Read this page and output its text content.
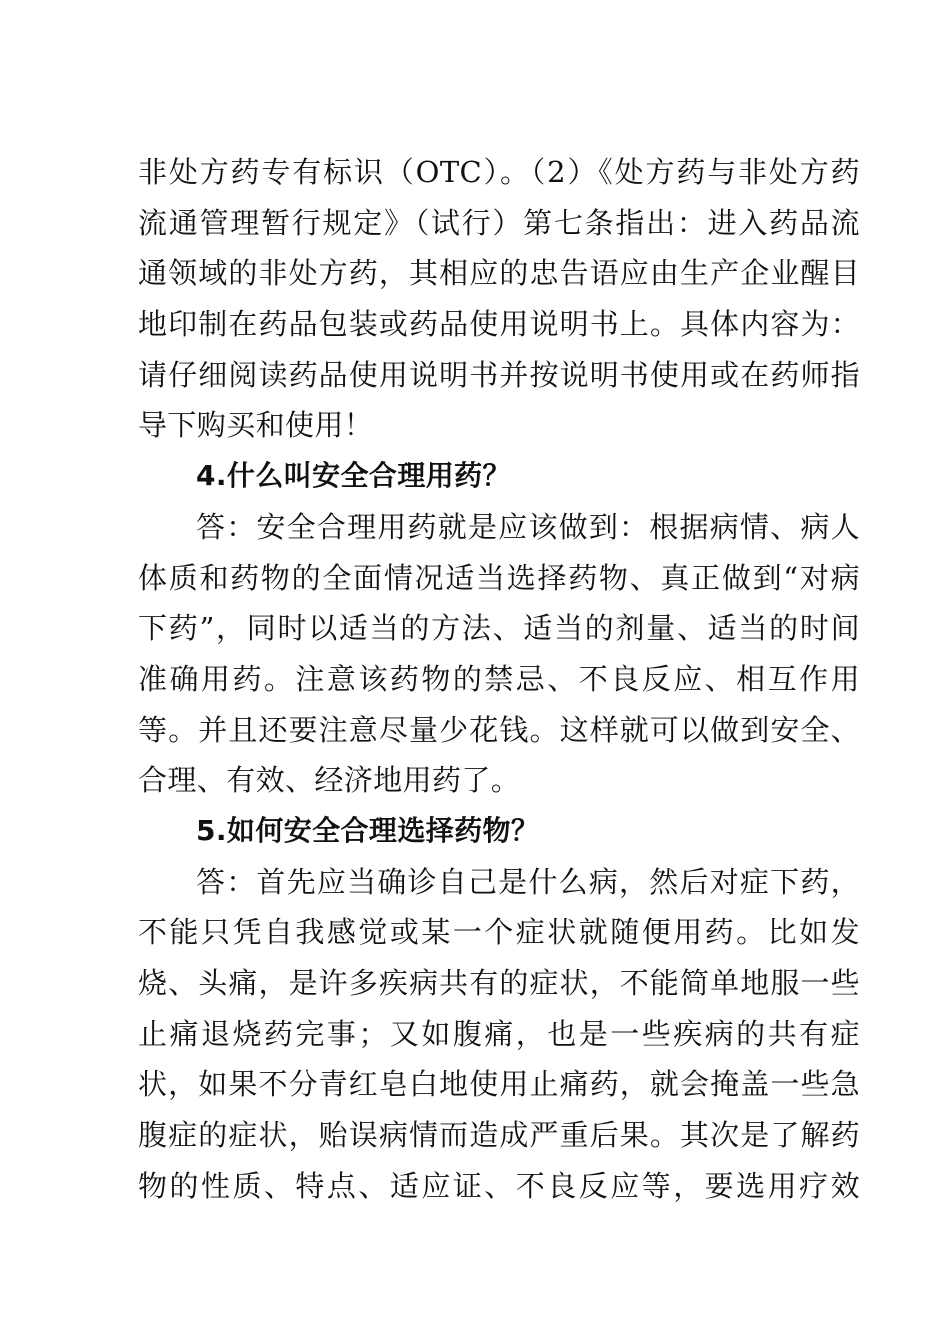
非处方药专有标识（OTC）。（2）《处方药与非处方药
流通管理暂行规定》（试行）第七条指出：进入药品流
通领域的非处方药，其相应的忠告语应由生产企业醒目
地印制在药品包装或药品使用说明书上。具体内容为：
请仔细阅读药品使用说明书并按说明书使用或在药师指
导下购买和使用！
4.什么叫安全合理用药？
答：安全合理用药就是应该做到：根据病情、病人
体质和药物的全面情况适当选择药物、真正做到“对病
下药”，同时以适当的方法、适当的剂量、适当的时间
准确用药。注意该药物的禁忌、不良反应、相互作用
等。并且还要注意尽量少花钱。这样就可以做到安全、
合理、有效、经济地用药了。
5.如何安全合理选择药物？
答：首先应当确诊自己是什么病，然后对症下药，
不能只凭自我感觉或某一个症状就随便用药。比如发
烧、头痛，是许多疾病共有的症状，不能简单地服一些
止痛退烧药完事；又如腹痛，也是一些疾病的共有症
状，如果不分青红皂白地使用止痛药，就会掩盖一些急
腹症的症状，贻误病情而造成严重后果。其次是了解药
物的性质、特点、适应证、不良反应等，要选用疗效
